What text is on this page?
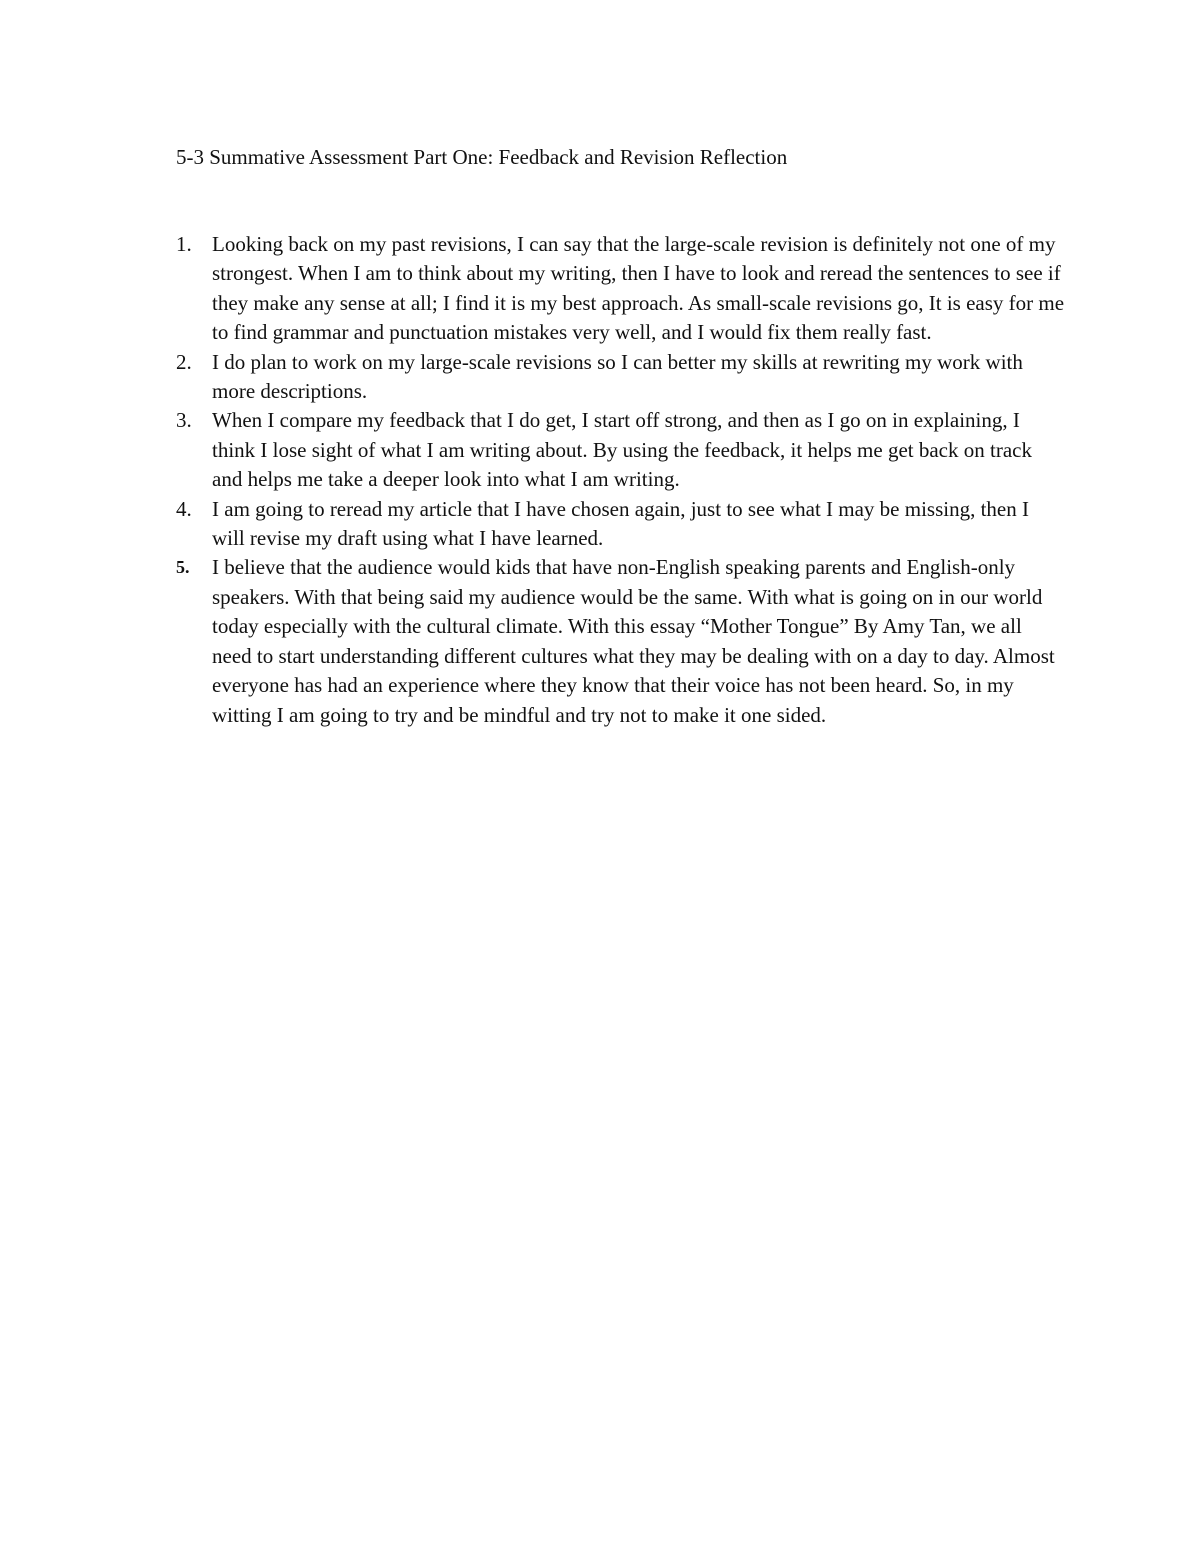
5-3 Summative Assessment Part One: Feedback and Revision Reflection
1. Looking back on my past revisions, I can say that the large-scale revision is definitely not one of my strongest. When I am to think about my writing, then I have to look and reread the sentences to see if they make any sense at all; I find it is my best approach. As small-scale revisions go, It is easy for me to find grammar and punctuation mistakes very well, and I would fix them really fast.
2. I do plan to work on my large-scale revisions so I can better my skills at rewriting my work with more descriptions.
3. When I compare my feedback that I do get, I start off strong, and then as I go on in explaining, I think I lose sight of what I am writing about. By using the feedback, it helps me get back on track and helps me take a deeper look into what I am writing.
4. I am going to reread my article that I have chosen again, just to see what I may be missing, then I will revise my draft using what I have learned.
5.	I believe that the audience would kids that have non-English speaking parents and English-only speakers. With that being said my audience would be the same. With what is going on in our world today especially with the cultural climate. With this essay “Mother Tongue” By Amy Tan, we all need to start understanding different cultures what they may be dealing with on a day to day. Almost everyone has had an experience where they know that their voice has not been heard. So, in my witting I am going to try and be mindful and try not to make it one sided.
